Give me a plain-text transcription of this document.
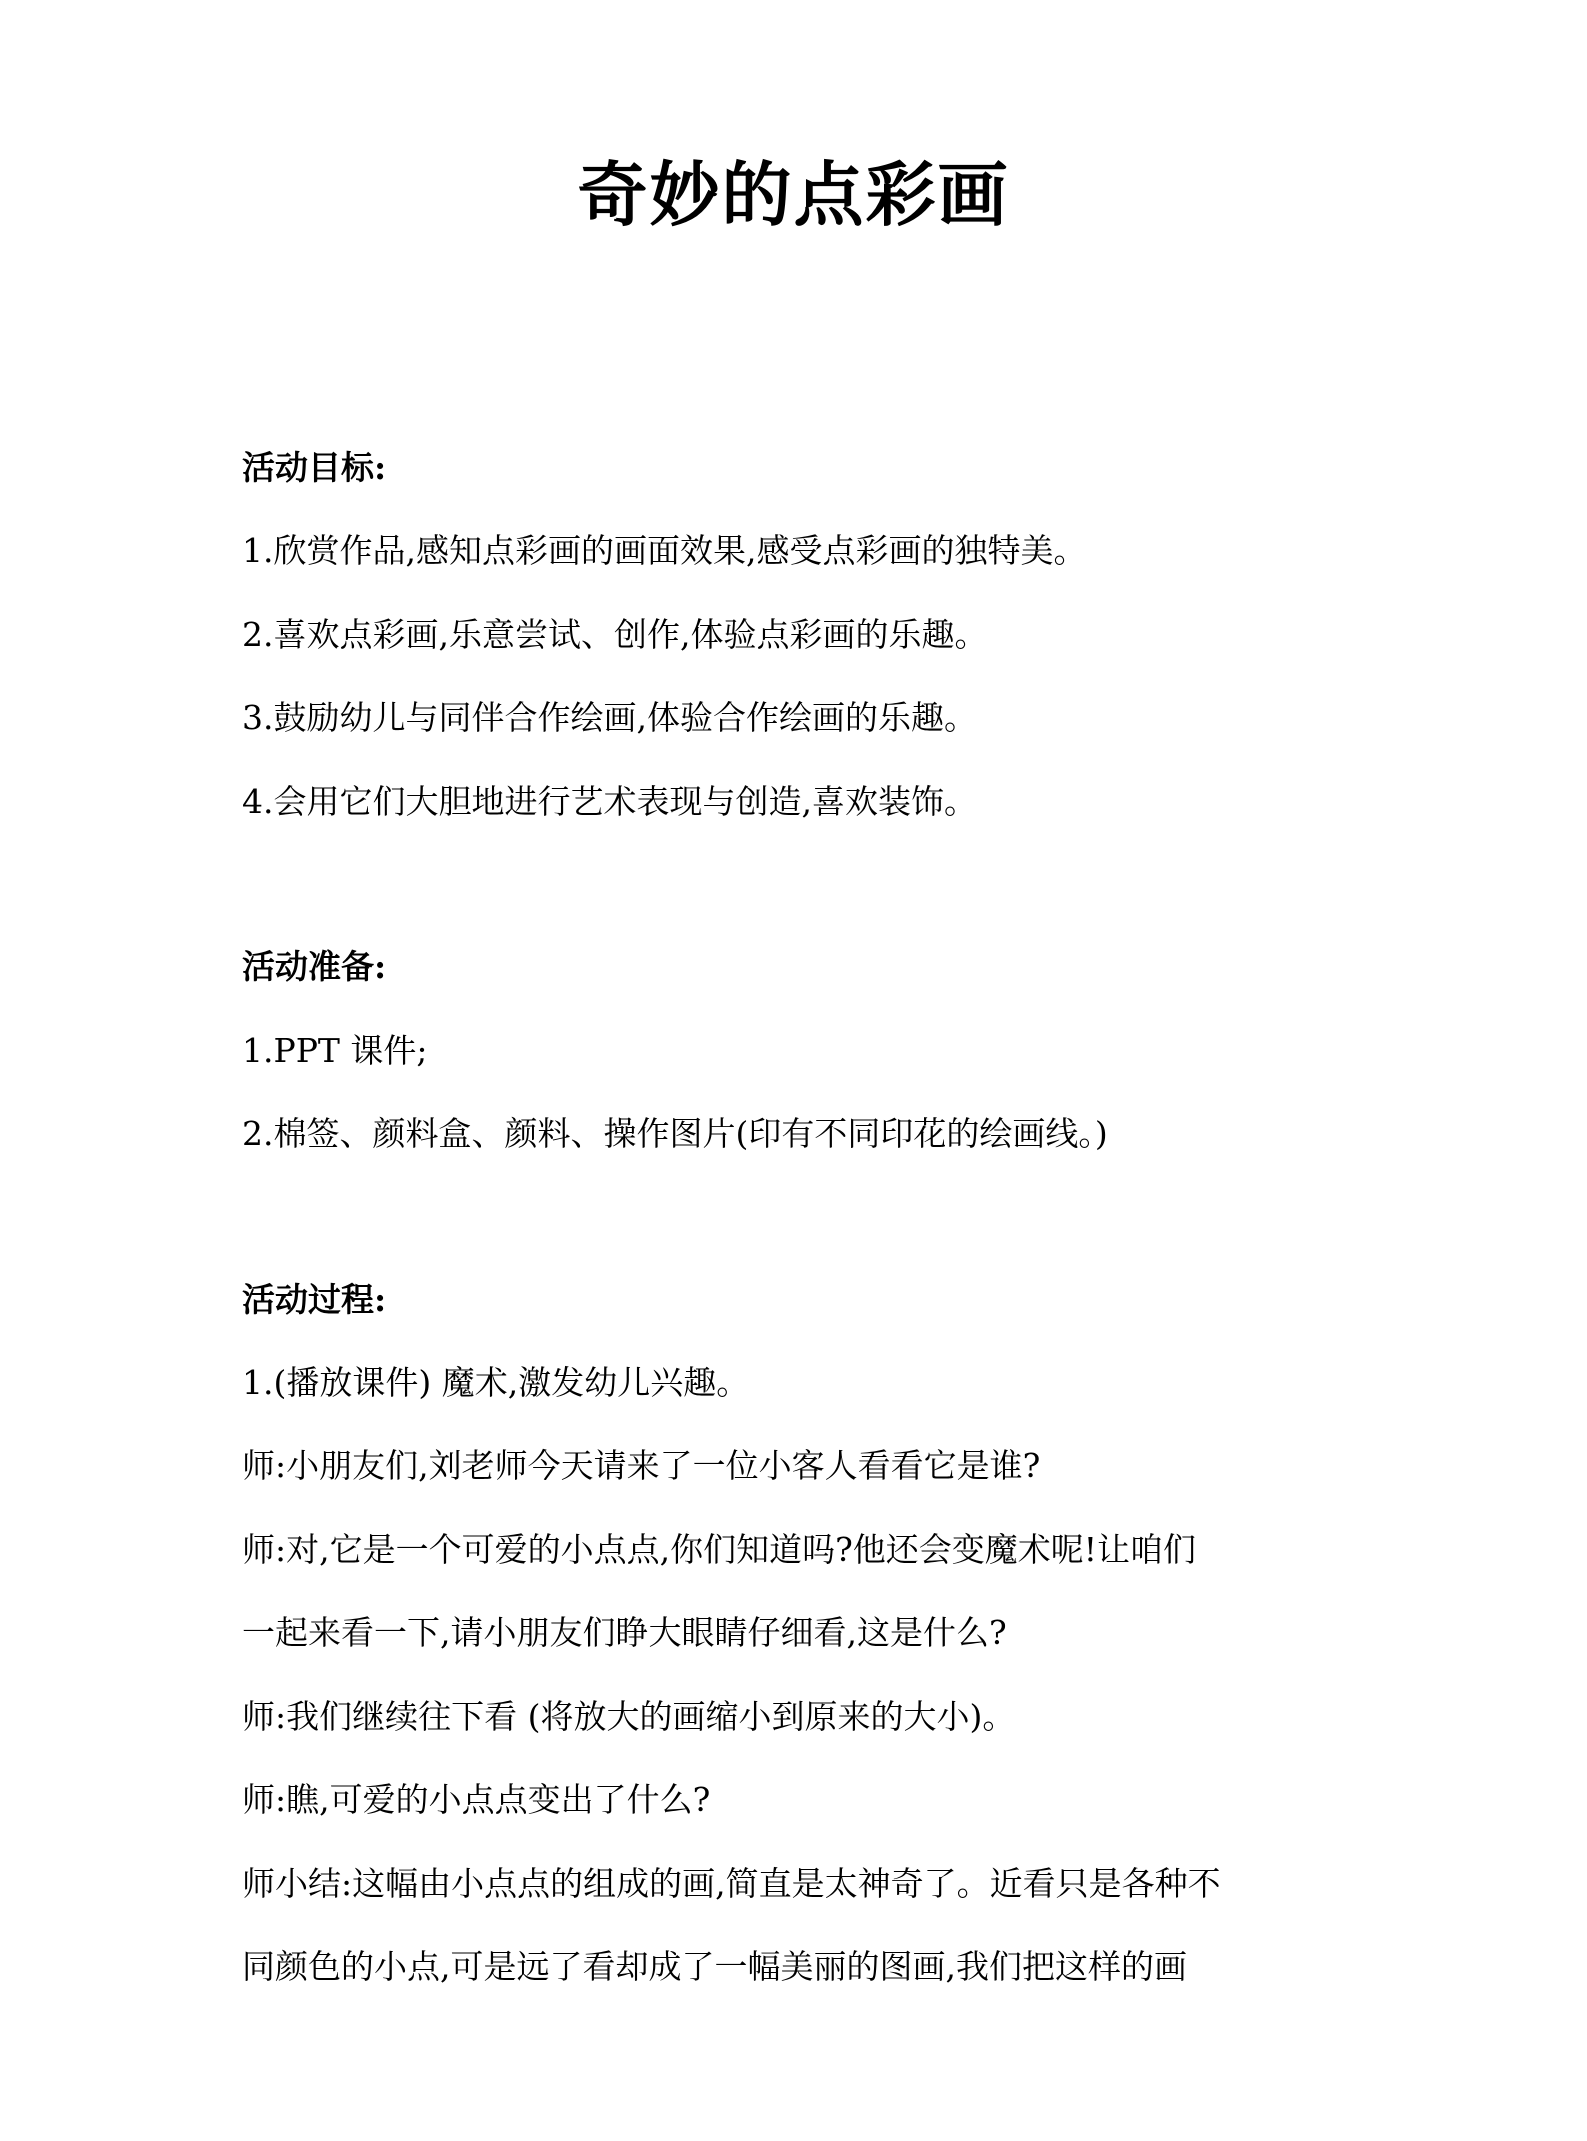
奇妙的点彩画
活动目标:
1.欣赏作品,感知点彩画的画面效果,感受点彩画的独特美。
2.喜欢点彩画,乐意尝试、创作,体验点彩画的乐趣。
3.鼓励幼儿与同伴合作绘画,体验合作绘画的乐趣。
4.会用它们大胆地进行艺术表现与创造,喜欢装饰。
活动准备:
1.PPT 课件;
2.棉签、颜料盒、颜料、操作图片(印有不同印花的绘画线。)
活动过程:
1.(播放课件) 魔术,激发幼儿兴趣。
师:小朋友们,刘老师今天请来了一位小客人看看它是谁?
师:对,它是一个可爱的小点点,你们知道吗?他还会变魔术呢!让咱们
一起来看一下,请小朋友们睁大眼睛仔细看,这是什么?
师:我们继续往下看 (将放大的画缩小到原来的大小)。
师:瞧,可爱的小点点变出了什么?
师小结:这幅由小点点的组成的画,简直是太神奇了。近看只是各种不
同颜色的小点,可是远了看却成了一幅美丽的图画,我们把这样的画
